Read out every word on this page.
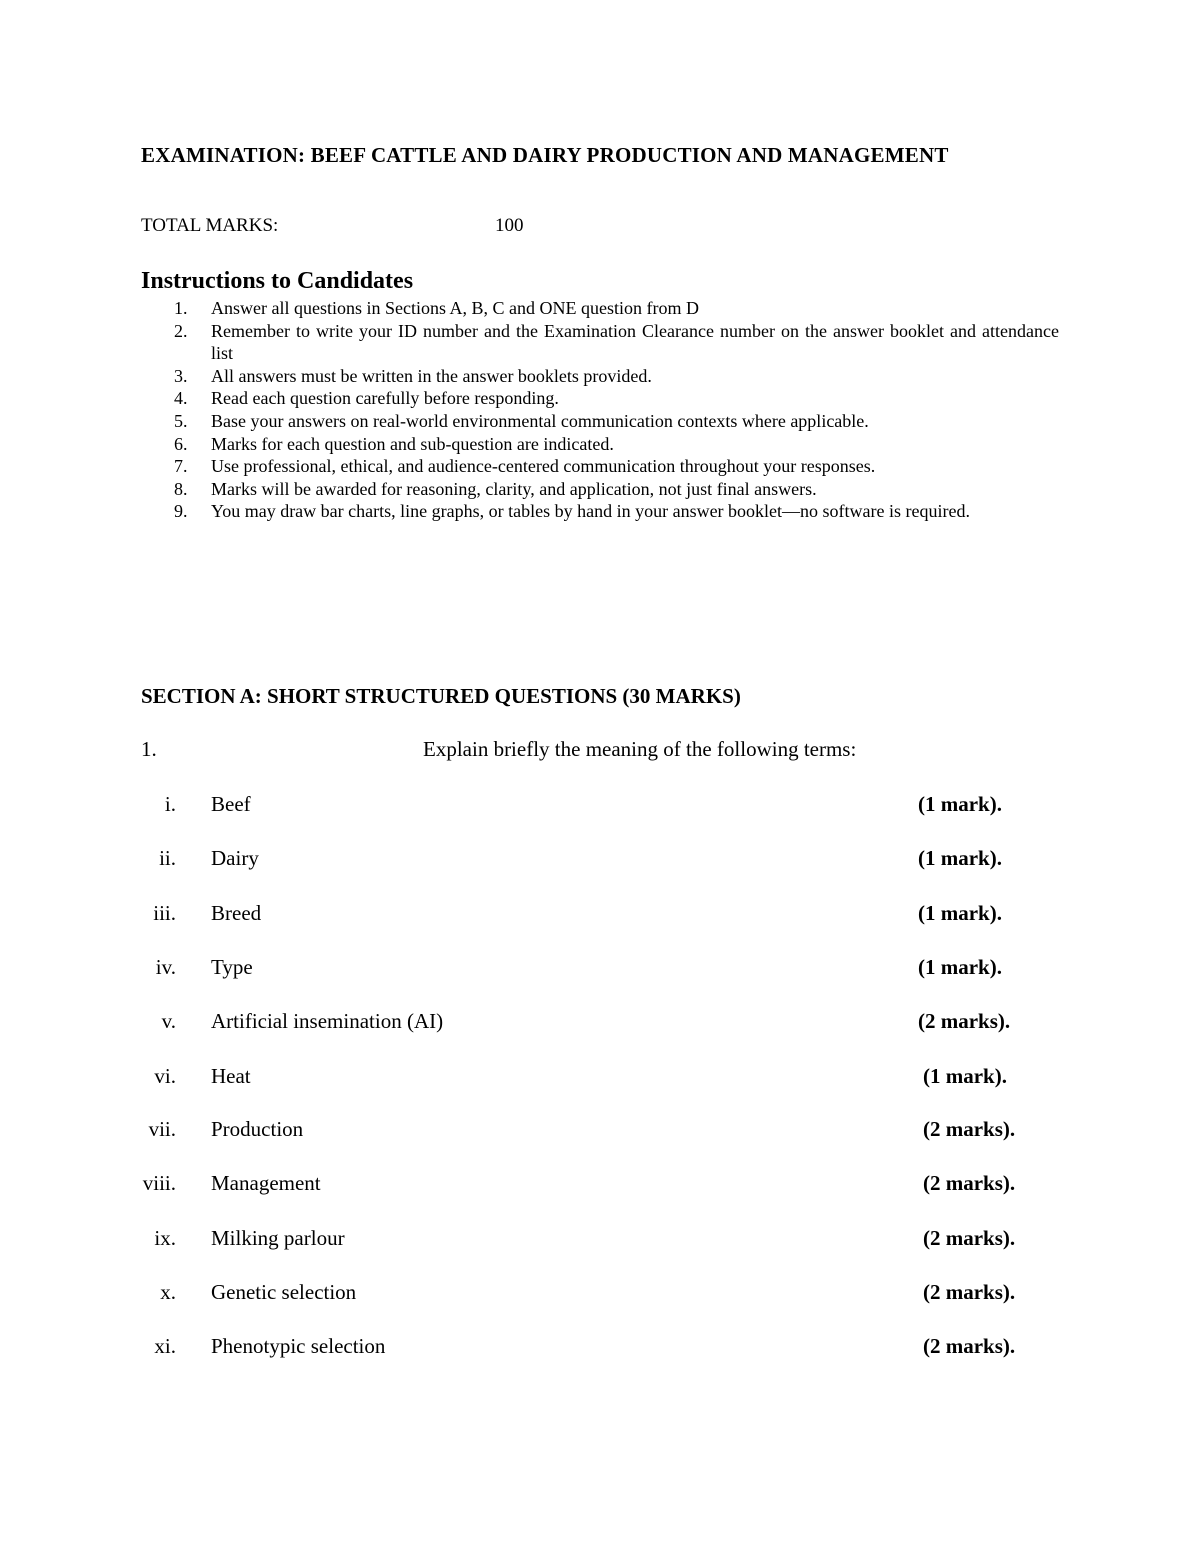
EXAMINATION: BEEF CATTLE AND DAIRY PRODUCTION AND MANAGEMENT
TOTAL MARKS:	100
Instructions to Candidates
1. Answer all questions in Sections A, B, C and ONE question from D
2. Remember to write your ID number and the Examination Clearance number on the answer booklet and attendance list
3. All answers must be written in the answer booklets provided.
4. Read each question carefully before responding.
5. Base your answers on real-world environmental communication contexts where applicable.
6. Marks for each question and sub-question are indicated.
7. Use professional, ethical, and audience-centered communication throughout your responses.
8. Marks will be awarded for reasoning, clarity, and application, not just final answers.
9. You may draw bar charts, line graphs, or tables by hand in your answer booklet—no software is required.
SECTION A: SHORT STRUCTURED QUESTIONS (30 MARKS)
1.	Explain briefly the meaning of the following terms:
i. Beef	(1 mark).
ii. Dairy	(1 mark).
iii. Breed	(1 mark).
iv. Type	(1 mark).
v. Artificial insemination (AI)	(2 marks).
vi. Heat	(1 mark).
vii. Production	(2 marks).
viii. Management	(2 marks).
ix. Milking parlour	(2 marks).
x. Genetic selection	(2 marks).
xi. Phenotypic selection	(2 marks).
